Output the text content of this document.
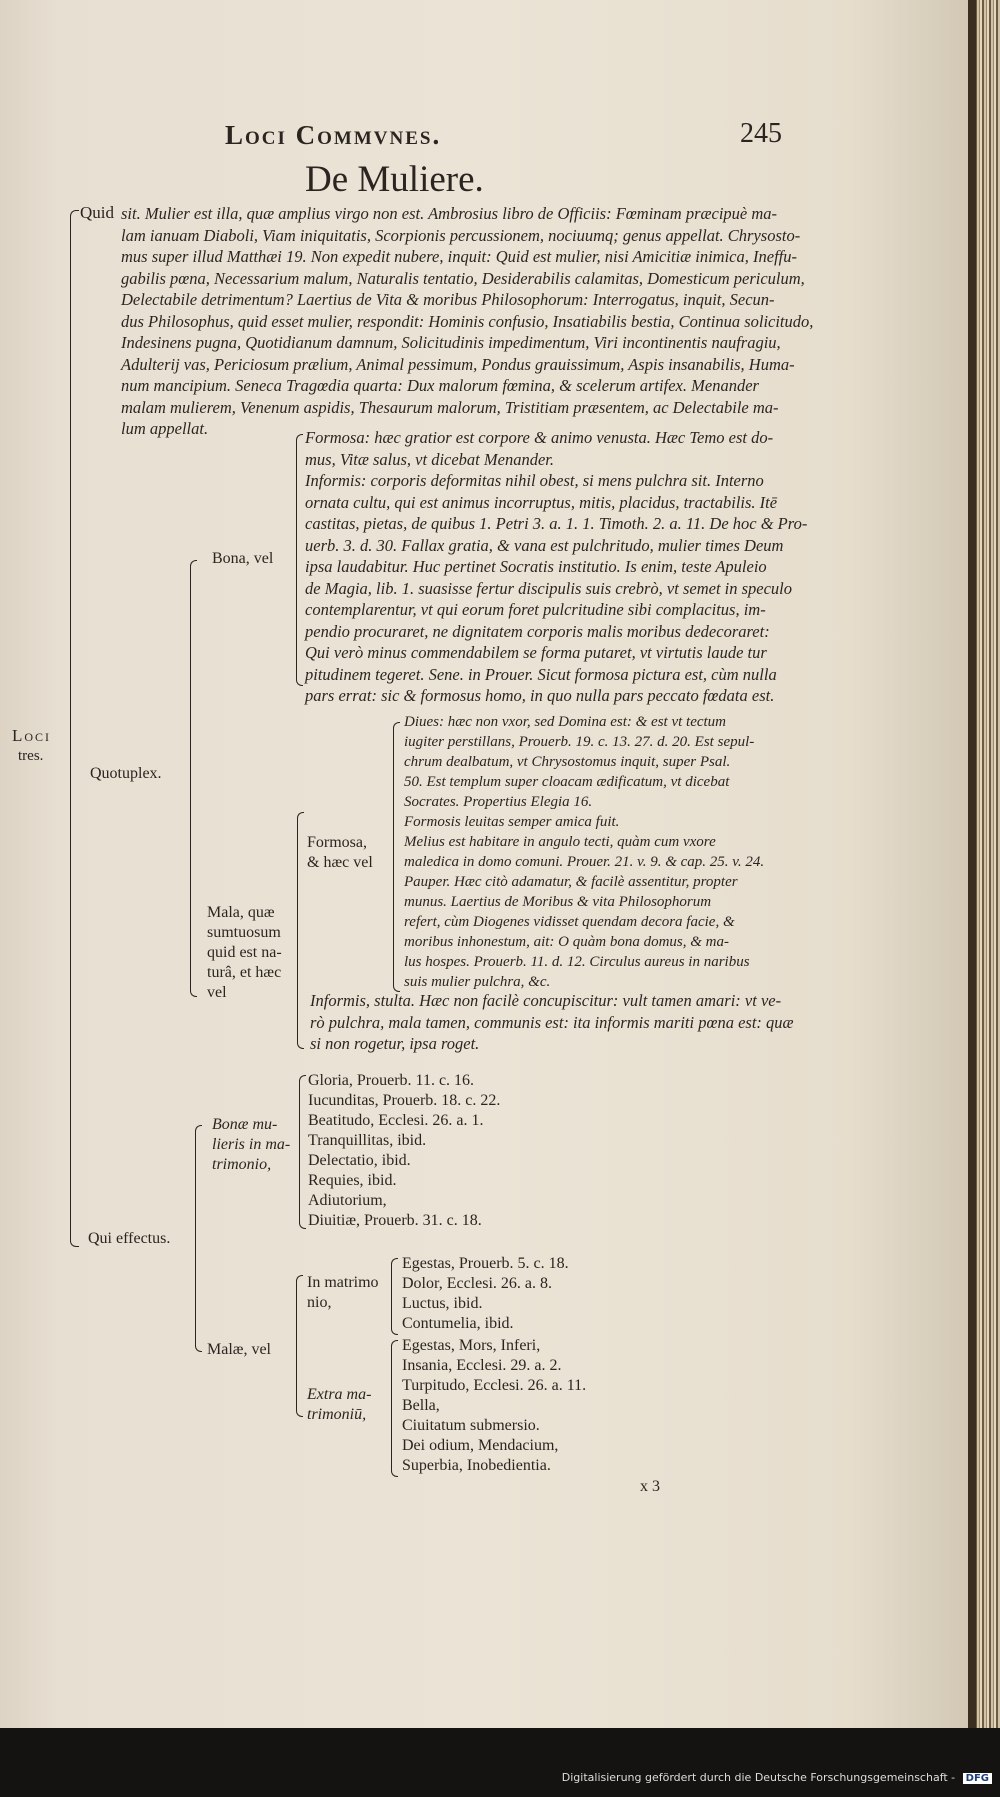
Loci Commvnes.	245
De Muliere.
Loci
tres.
Quid sit. Mulier est illa, quæ amplius virgo non est. Ambrosius libro de Officiis: Fœminam præcipuè ma-
lam ianuam Diaboli, Viam iniquitatis, Scorpionis percussionem, nociuumq; genus appellat. Chrysosto-
mus super illud Matthæi 19. Non expedit nubere, inquit: Quid est mulier, nisi Amicitiæ inimica, Ineffu-
gabilis pœna, Necessarium malum, Naturalis tentatio, Desiderabilis calamitas, Domesticum periculum,
Delectabile detrimentum? Laertius de Vita & moribus Philosophorum: Interrogatus, inquit, Secun-
dus Philosophus, quid esset mulier, respondit: Hominis confusio, Insatiabilis bestia, Continua solicitudo,
Indesinens pugna, Quotidianum damnum, Solicitudinis impedimentum, Viri incontinentis naufragiu,
Adulterij vas, Periciosum prælium, Animal pessimum, Pondus grauissimum, Aspis insanabilis, Huma-
num mancipium. Seneca Tragœdia quarta: Dux malorum fœmina, & scelerum artifex. Menander
malam mulierem, Venenum aspidis, Thesaurum malorum, Tristitiam præsentem, ac Delectabile ma-
lum appellat.
Quotuplex.
Bona, vel
Formosa: hæc gratior est corpore & animo venusta. Hæc Temo est do-
mus, Vitæ salus, vt dicebat Menander.
Informis: corporis deformitas nihil obest, si mens pulchra sit. Interno
ornata cultu, qui est animus incorruptus, mitis, placidus, tractabilis. Itē
castitas, pietas, de quibus 1. Petri 3. a. 1. 1. Timoth. 2. a. 11. De hoc & Pro-
uerb. 3. d. 30. Fallax gratia, & vana est pulchritudo, mulier times Deum
ipsa laudabitur. Huc pertinet Socratis institutio. Is enim, teste Apuleio
de Magia, lib. 1. suasisse fertur discipulis suis crebrò, vt semet in speculo
contemplarentur, vt qui eorum foret pulcritudine sibi complacitus, im-
pendio procuraret, ne dignitatem corporis malis moribus dedecoraret:
Qui verò minus commendabilem se forma putaret, vt virtutis laude tur
pitudinem tegeret. Sene. in Prouer. Sicut formosa pictura est, cùm nulla
pars errat: sic & formosus homo, in quo nulla pars peccato fœdata est.
Mala, quæ
sumtuosum
quid est na-
turâ, et hæc
vel
Formosa,
& hæc vel
Diues: hæc non vxor, sed Domina est: & est vt tectum
iugiter perstillans, Prouerb. 19. c. 13. 27. d. 20. Est sepul-
chrum dealbatum, vt Chrysostomus inquit, super Psal.
50. Est templum super cloacam ædificatum, vt dicebat
Socrates. Propertius Elegia 16.
Formosis leuitas semper amica fuit.
Melius est habitare in angulo tecti, quàm cum vxore
maledica in domo comuni. Prouer. 21. v. 9. & cap. 25. v. 24.
Pauper. Hæc citò adamatur, & facilè assentitur, propter
munus. Laertius de Moribus & vita Philosophorum
refert, cùm Diogenes vidisset quendam decora facie, &
moribus inhonestum, ait: O quàm bona domus, & ma-
lus hospes. Prouerb. 11. d. 12. Circulus aureus in naribus
suis mulier pulchra, &c.
Informis, stulta. Hæc non facilè concupiscitur: vult tamen amari: vt ve-
rò pulchra, mala tamen, communis est: ita informis mariti pœna est: quæ
si non rogetur, ipsa roget.
Qui effectus.
Bonæ mu-
lieris in ma-
trimonio,
Gloria, Prouerb. 11. c. 16.
Iucunditas, Prouerb. 18. c. 22.
Beatitudo, Ecclesi. 26. a. 1.
Tranquillitas, ibid.
Delectatio, ibid.
Requies, ibid.
Adiutorium,
Diuitiæ, Prouerb. 31. c. 18.
Malæ, vel
In matrimo
nio,
Egestas, Prouerb. 5. c. 18.
Dolor, Ecclesi. 26. a. 8.
Luctus, ibid.
Contumelia, ibid.
Extra ma-
trimoniū,
Egestas, Mors, Inferi,
Insania, Ecclesi. 29. a. 2.
Turpitudo, Ecclesi. 26. a. 11.
Bella,
Ciuitatum submersio.
Dei odium, Mendacium,
Superbia, Inobedientia.
x 3
Digitalisierung gefördert durch die Deutsche Forschungsgemeinschaft - DFG
